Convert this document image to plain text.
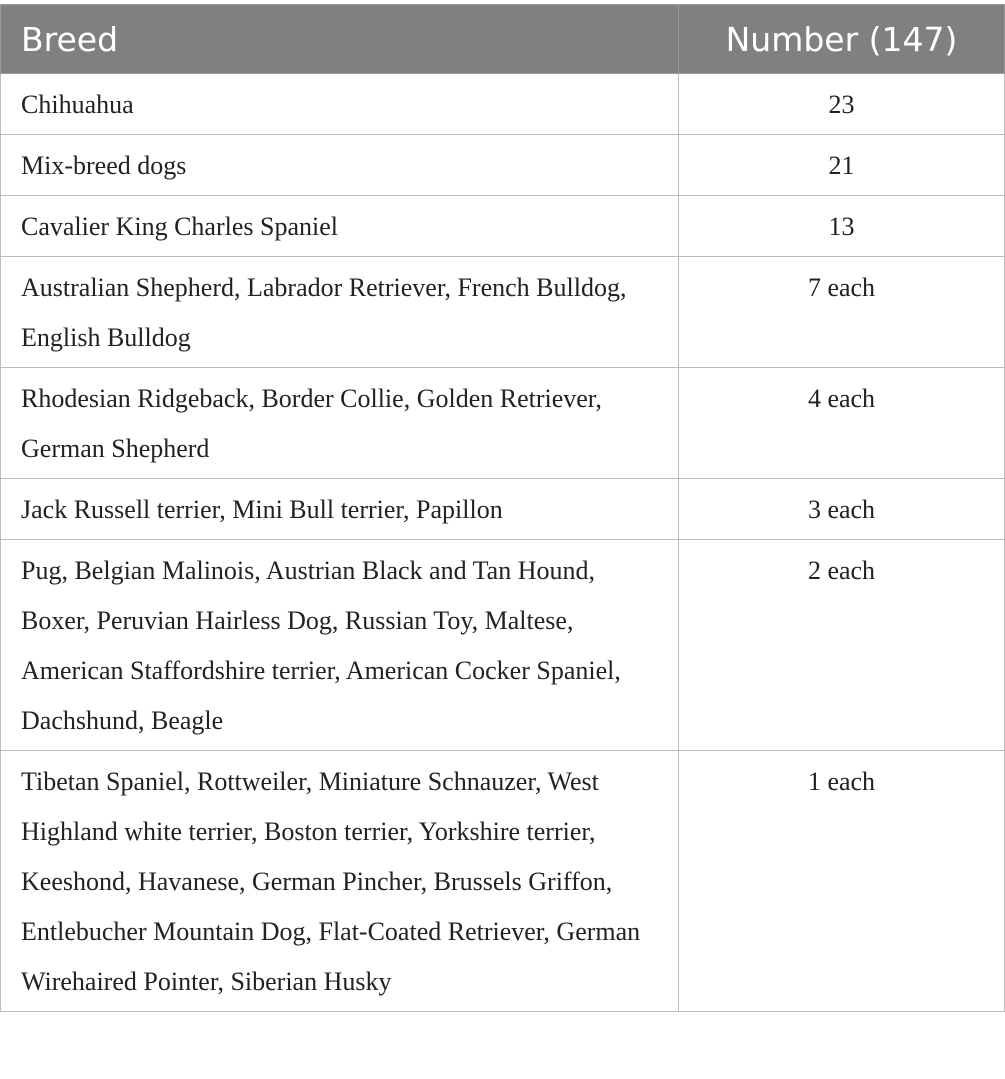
Breed	Number (147)
Chihuahua	23
Mix-breed dogs	21
Cavalier King Charles Spaniel	13
Australian Shepherd, Labrador Retriever, French Bulldog, English Bulldog	7 each
Rhodesian Ridgeback, Border Collie, Golden Retriever, German Shepherd	4 each
Jack Russell terrier, Mini Bull terrier, Papillon	3 each
Pug, Belgian Malinois, Austrian Black and Tan Hound, Boxer, Peruvian Hairless Dog, Russian Toy, Maltese, American Staffordshire terrier, American Cocker Spaniel, Dachshund, Beagle	2 each
Tibetan Spaniel, Rottweiler, Miniature Schnauzer, West Highland white terrier, Boston terrier, Yorkshire terrier, Keeshond, Havanese, German Pincher, Brussels Griffon, Entlebucher Mountain Dog, Flat-Coated Retriever, German Wirehaired Pointer, Siberian Husky	1 each
